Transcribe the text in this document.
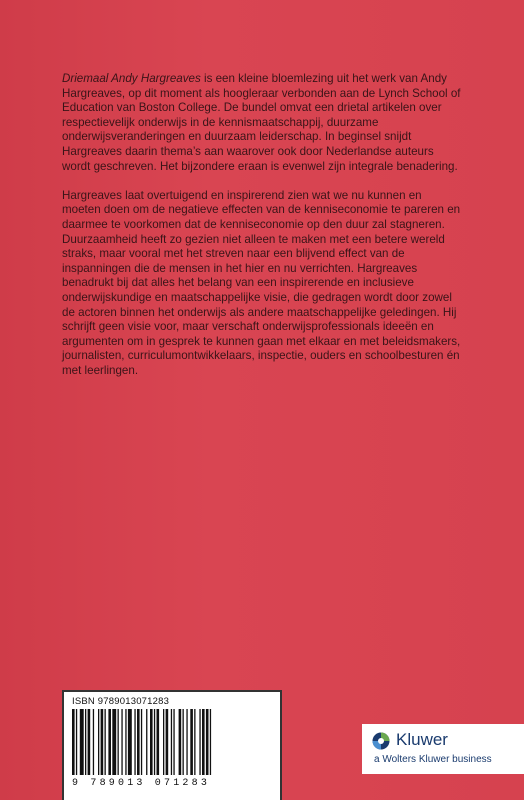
Driemaal Andy Hargreaves is een kleine bloemlezing uit het werk van Andy Hargreaves, op dit moment als hoogleraar verbonden aan de Lynch School of Education van Boston College. De bundel omvat een drietal artikelen over respectievelijk onderwijs in de kennismaatschappij, duurzame onderwijsveranderingen en duurzaam leiderschap. In beginsel snijdt Hargreaves daarin thema’s aan waarover ook door Nederlandse auteurs wordt geschreven. Het bijzondere eraan is evenwel zijn integrale benadering.

Hargreaves laat overtuigend en inspirerend zien wat we nu kunnen en moeten doen om de negatieve effecten van de kenniseconomie te pareren en daarmee te voorkomen dat de kenniseconomie op den duur zal stagneren. Duurzaamheid heeft zo gezien niet alleen te maken met een betere wereld straks, maar vooral met het streven naar een blijvend effect van de inspanningen die de mensen in het hier en nu verrichten. Hargreaves benadrukt bij dat alles het belang van een inspirerende en inclusieve onderwijskundige en maatschappelijke visie, die gedragen wordt door zowel de actoren binnen het onderwijs als andere maatschappelijke geledingen. Hij schrijft geen visie voor, maar verschaft onderwijsprofessionals ideeën en argumenten om in gesprek te kunnen gaan met elkaar en met beleidsmakers, journalisten, curriculumontwikkelaars, inspectie, ouders en schoolbesturen én met leerlingen.

ISBN 9789013071283
9 789013 071283
Kluwer
a Wolters Kluwer business
